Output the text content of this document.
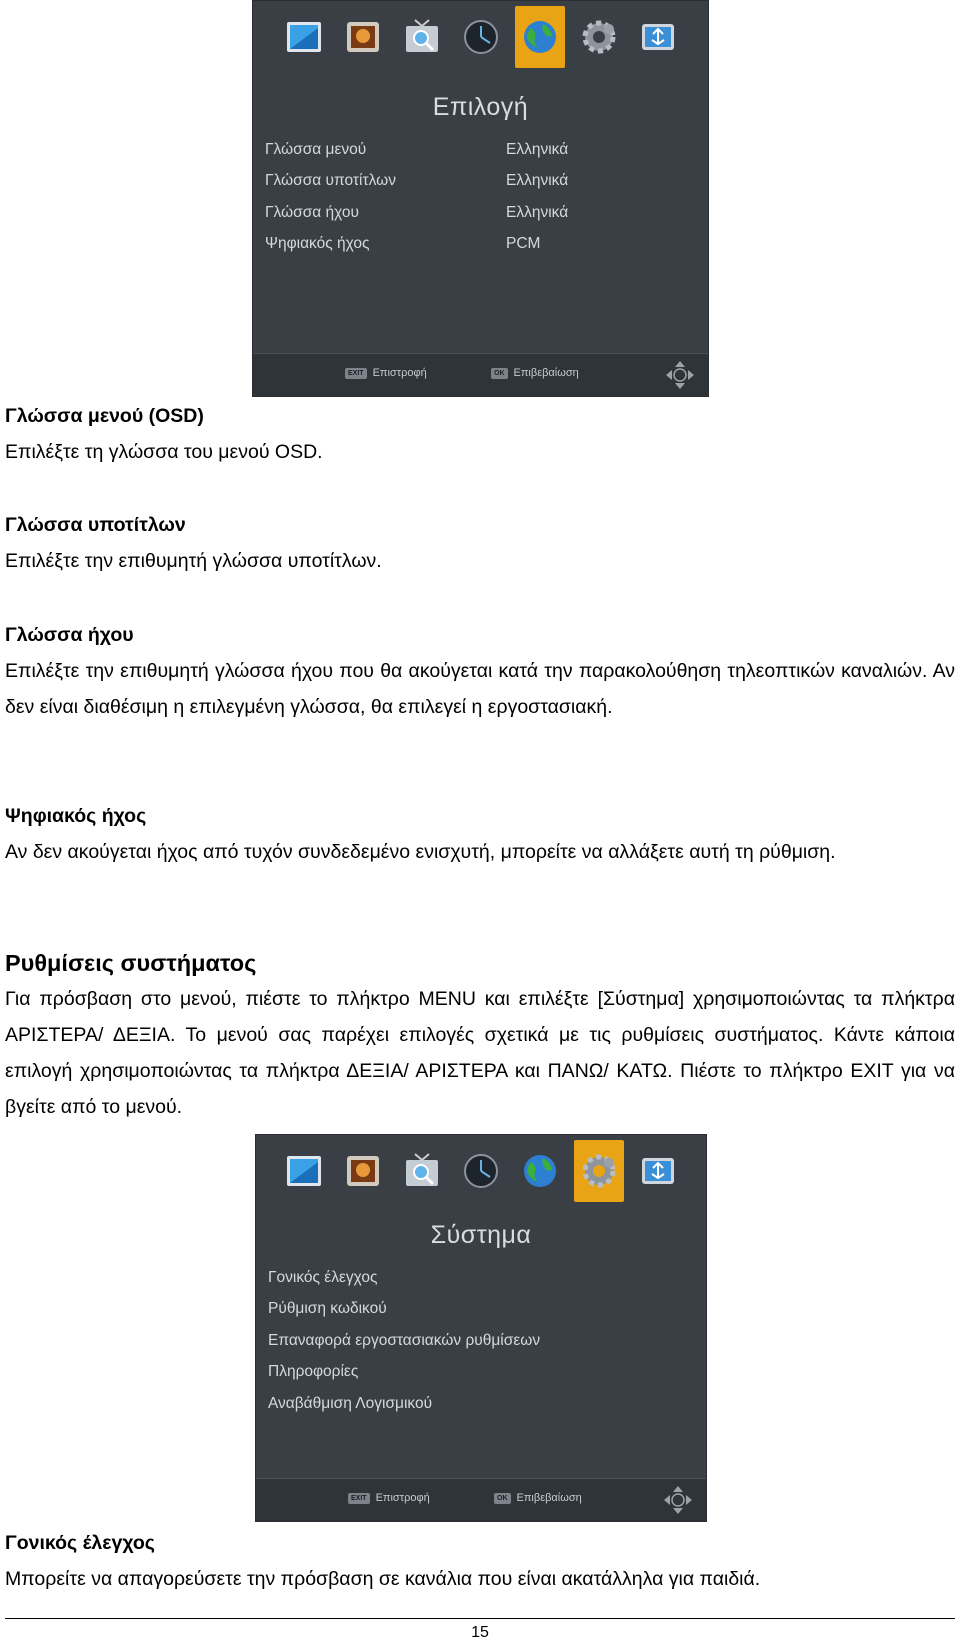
Επιλογή
Γλώσσα μενού	Ελληνικά
Γλώσσα υποτίτλων	Ελληνικά
Γλώσσα ήχου	Ελληνικά
Ψηφιακός ήχος	PCM
EXIT Επιστροφή	OK Επιβεβαίωση
Γλώσσα μενού (OSD)
Επιλέξτε τη γλώσσα του μενού OSD.
Γλώσσα υποτίτλων
Επιλέξτε την επιθυμητή γλώσσα υποτίτλων.
Γλώσσα ήχου

Επιλέξτε την επιθυμητή γλώσσα ήχου που θα ακούγεται κατά την παρακολούθηση τηλεοπτικών καναλιών. Αν δεν είναι διαθέσιμη η επιλεγμένη γλώσσα, θα επιλεγεί η εργοστασιακή.

Ψηφιακός ήχος

Αν δεν ακούγεται ήχος από τυχόν συνδεδεμένο ενισχυτή, μπορείτε να αλλάξετε αυτή τη ρύθμιση.

Ρυθμίσεις συστήματος

Για πρόσβαση στο μενού, πιέστε το πλήκτρο MENU και επιλέξτε [Σύστημα] χρησιμοποιώντας τα πλήκτρα ΑΡΙΣΤΕΡΑ/ ΔΕΞΙΑ. Το μενού σας παρέχει επιλογές σχετικά με τις ρυθμίσεις συστήματος. Κάντε κάποια επιλογή χρησιμοποιώντας τα πλήκτρα ΔΕΞΙΑ/ ΑΡΙΣΤΕΡΑ και ΠΑΝΩ/ ΚΑΤΩ. Πιέστε το πλήκτρο EXIT για να βγείτε από το μενού.

Σύστημα
Γονικός έλεγχος
Ρύθμιση κωδικού
Επαναφορά εργοστασιακών ρυθμίσεων
Πληροφορίες
Αναβάθμιση Λογισμικού
EXIT Επιστροφή	OK Επιβεβαίωση
Γονικός έλεγχος
Μπορείτε να απαγορεύσετε την πρόσβαση σε κανάλια που είναι ακατάλληλα για παιδιά.
15
